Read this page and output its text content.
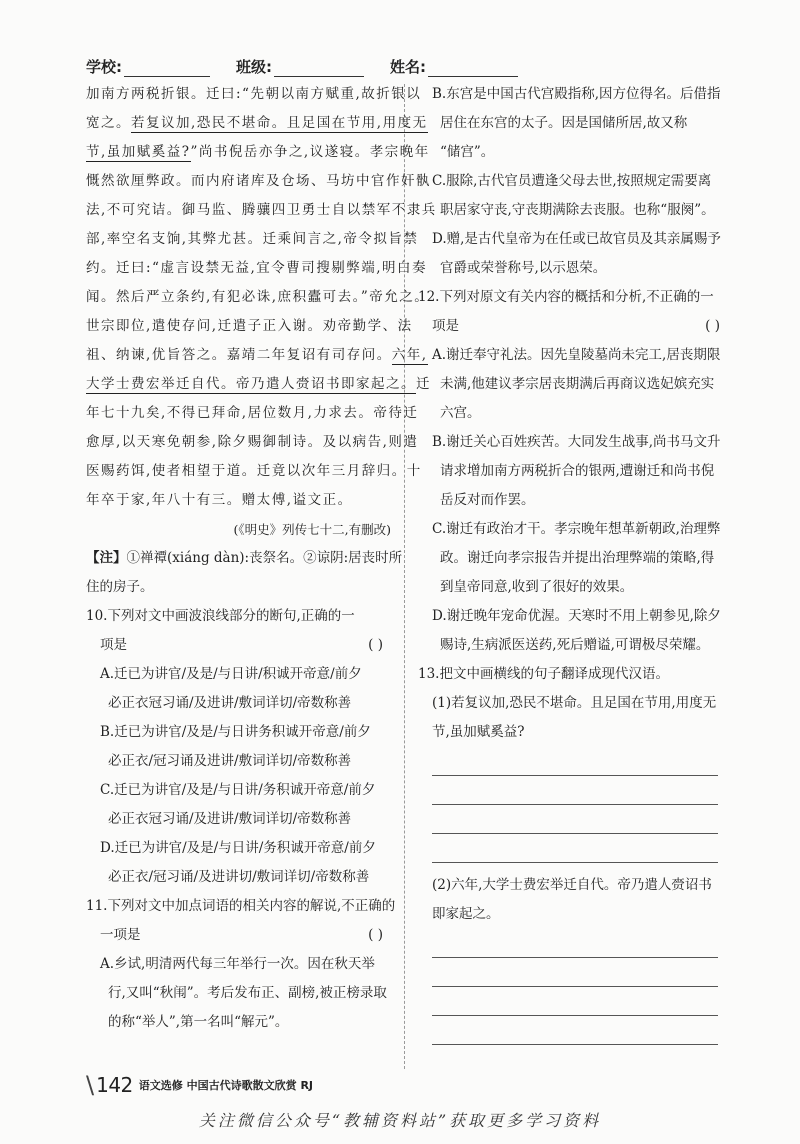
学校:	班级:	姓名:
加南方两税折银。迁曰:“先朝以南方赋重,故折银以
宽之。若复议加,恐民不堪命。且足国在节用,用度无
节,虽加赋奚益?”尚书倪岳亦争之,议遂寝。孝宗晚年
慨然欲厘弊政。而内府诸库及仓场、马坊中官作奸骫
法,不可究诘。御马监、腾骧四卫勇士自以禁军不隶兵
部,率空名支饷,其弊尤甚。迁乘间言之,帝令拟旨禁
约。迁曰:“虚言设禁无益,宜令曹司搜剔弊端,明白奏
闻。然后严立条约,有犯必诛,庶积蠹可去。”帝允之。
世宗即位,遣使存问,迁遣子正入谢。劝帝勤学、法
祖、纳谏,优旨答之。嘉靖二年复诏有司存问。六年,
大学士费宏举迁自代。帝乃遣人赍诏书即家起之。迁
年七十九矣,不得已拜命,居位数月,力求去。帝待迁
愈厚,以天寒免朝参,除夕赐御制诗。及以病告,则遣
医赐药饵,使者相望于道。迁竟以次年三月辞归。十
年卒于家,年八十有三。赠太傅,谥文正。
(《明史》列传七十二,有删改)
【注】①禅禫(xiáng dàn):丧祭名。②谅阴:居丧时所
住的房子。
10.下列对文中画波浪线部分的断句,正确的一
项是	( )
A.迁已为讲官/及是/与日讲/积诚开帝意/前夕
必正衣冠习诵/及进讲/敷词详切/帝数称善
B.迁已为讲官/及是/与日讲务积诚开帝意/前夕
必正衣/冠习诵及进讲/敷词详切/帝数称善
C.迁已为讲官/及是/与日讲/务积诚开帝意/前夕
必正衣冠习诵/及进讲/敷词详切/帝数称善
D.迁已为讲官/及是/与日讲/务积诚开帝意/前夕
必正衣/冠习诵/及进讲切/敷词详切/帝数称善
11.下列对文中加点词语的相关内容的解说,不正确的
一项是	( )
A.乡试,明清两代每三年举行一次。因在秋天举
行,又叫“秋闱”。考后发布正、副榜,被正榜录取
的称“举人”,第一名叫“解元”。
B.东宫是中国古代宫殿指称,因方位得名。后借指
居住在东宫的太子。因是国储所居,故又称
“储宫”。
C.服除,古代官员遭逢父母去世,按照规定需要离
职居家守丧,守丧期满除去丧服。也称“服阕”。
D.赠,是古代皇帝为在任或已故官员及其亲属赐予
官爵或荣誉称号,以示恩荣。
12.下列对原文有关内容的概括和分析,不正确的一
项是	( )
A.谢迁奉守礼法。因先皇陵墓尚未完工,居丧期限
未满,他建议孝宗居丧期满后再商议选妃嫔充实
六宫。
B.谢迁关心百姓疾苦。大同发生战事,尚书马文升
请求增加南方两税折合的银两,遭谢迁和尚书倪
岳反对而作罢。
C.谢迁有政治才干。孝宗晚年想革新朝政,治理弊
政。谢迁向孝宗报告并提出治理弊端的策略,得
到皇帝同意,收到了很好的效果。
D.谢迁晚年宠命优渥。天寒时不用上朝参见,除夕
赐诗,生病派医送药,死后赠谥,可谓极尽荣耀。
13.把文中画横线的句子翻译成现代汉语。
(1)若复议加,恐民不堪命。且足国在节用,用度无
节,虽加赋奚益?
(2)六年,大学士费宏举迁自代。帝乃遣人赍诏书
即家起之。
\ 142 语文选修 中国古代诗歌散文欣赏 RJ
关注微信公众号“教辅资料站”获取更多学习资料
